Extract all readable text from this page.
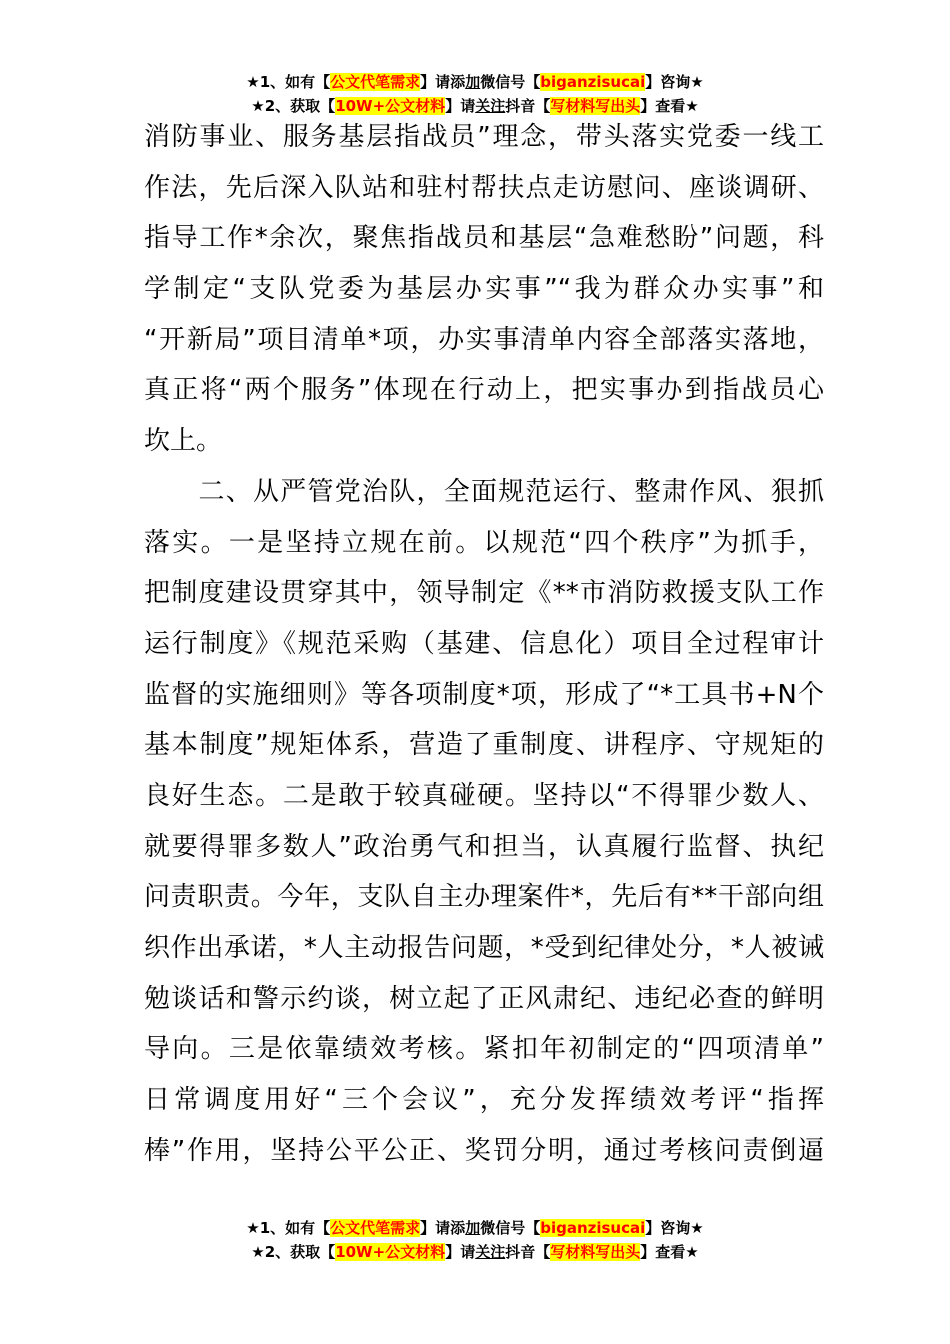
★1、如有【公文代笔需求】请添加微信号【biganzisucai】咨询★
★2、获取【10W+公文材料】请关注抖音【写材料写出头】查看★
消防事业、服务基层指战员”理念，带头落实党委一线工
作法，先后深入队站和驻村帮扶点走访慰问、座谈调研、
指导工作*余次，聚焦指战员和基层“急难愁盼”问题，科
学制定“支队党委为基层办实事”“我为群众办实事”和
“开新局”项目清单*项，办实事清单内容全部落实落地，
真正将“两个服务”体现在行动上，把实事办到指战员心
坎上。
　　二、从严管党治队，全面规范运行、整肃作风、狠抓
落实。一是坚持立规在前。以规范“四个秩序”为抓手，
把制度建设贯穿其中，领导制定《**市消防救援支队工作
运行制度》《规范采购（基建、信息化）项目全过程审计
监督的实施细则》等各项制度*项，形成了“*工具书+N个
基本制度”规矩体系，营造了重制度、讲程序、守规矩的
良好生态。二是敢于较真碰硬。坚持以“不得罪少数人、
就要得罪多数人”政治勇气和担当，认真履行监督、执纪
问责职责。今年，支队自主办理案件*，先后有**干部向组
织作出承诺，*人主动报告问题，*受到纪律处分，*人被诫
勉谈话和警示约谈，树立起了正风肃纪、违纪必查的鲜明
导向。三是依靠绩效考核。紧扣年初制定的“四项清单”
日常调度用好“三个会议”，充分发挥绩效考评“指挥
棒”作用，坚持公平公正、奖罚分明，通过考核问责倒逼
★1、如有【公文代笔需求】请添加微信号【biganzisucai】咨询★
★2、获取【10W+公文材料】请关注抖音【写材料写出头】查看★
